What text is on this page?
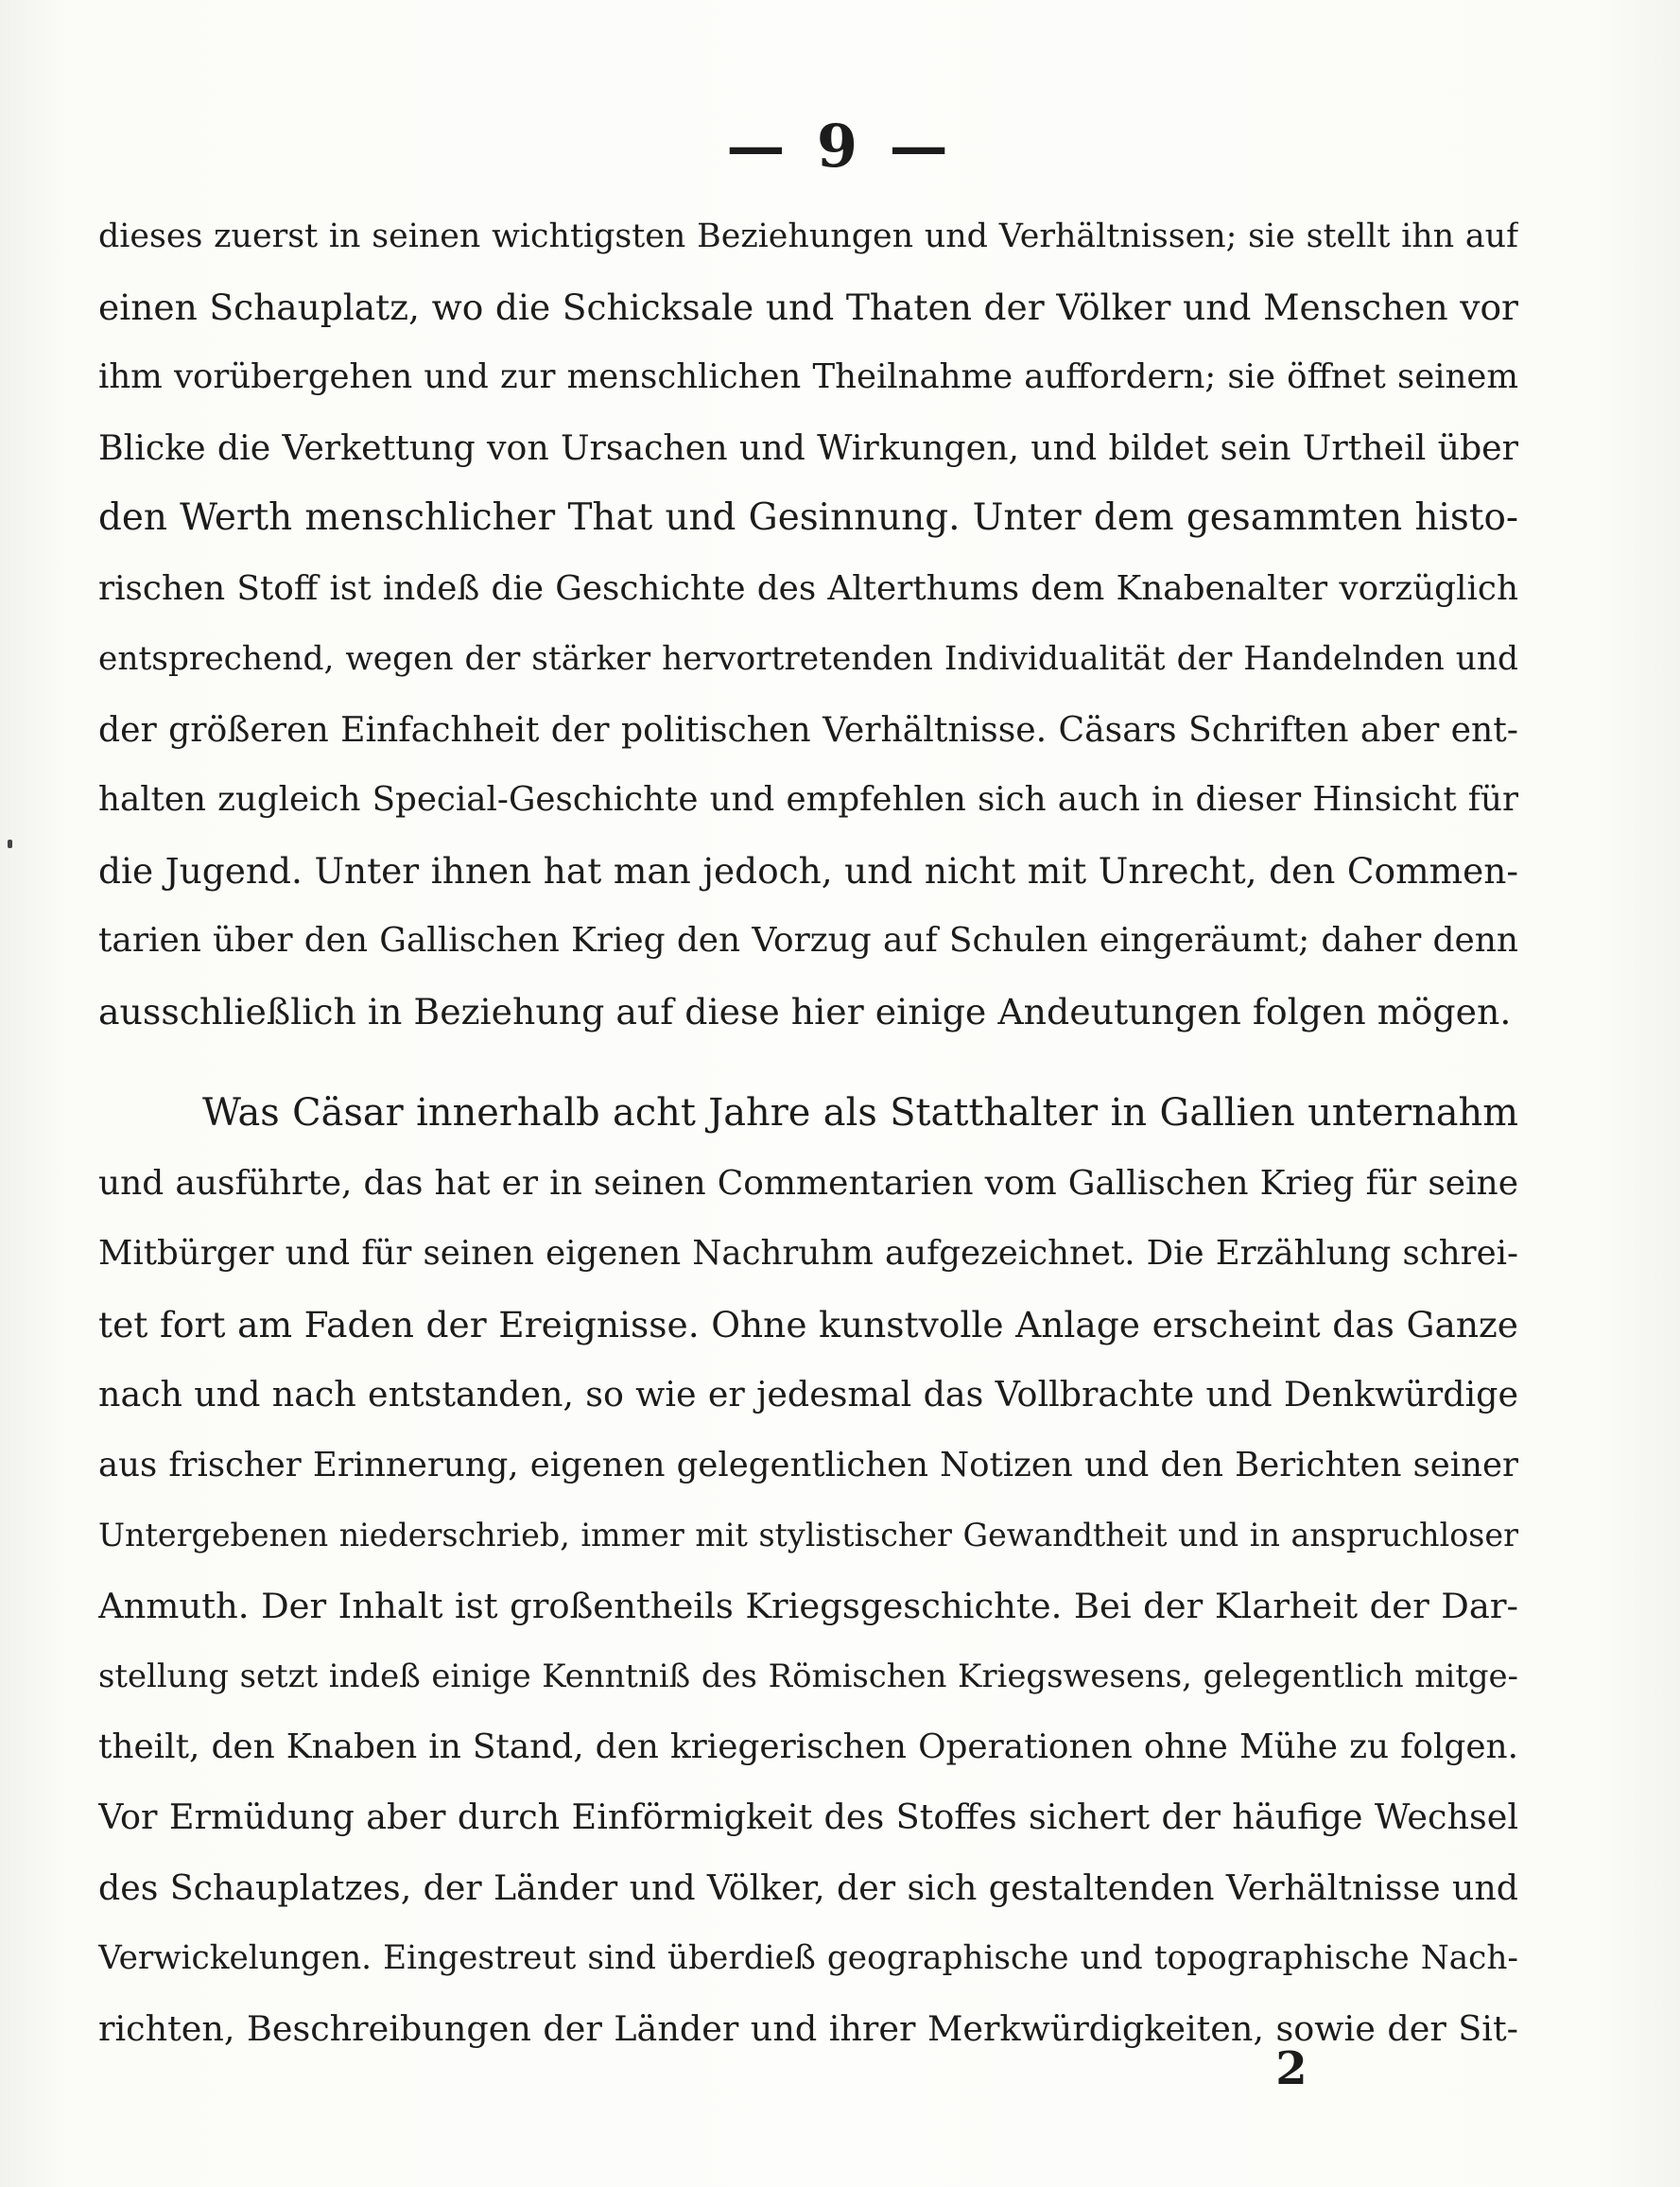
— 9 —
dieses zuerst in seinen wichtigsten Beziehungen und Verhältnissen; sie stellt ihn auf
einen Schauplatz, wo die Schicksale und Thaten der Völker und Menschen vor
ihm vorübergehen und zur menschlichen Theilnahme auffordern; sie öffnet seinem
Blicke die Verkettung von Ursachen und Wirkungen, und bildet sein Urtheil über
den Werth menschlicher That und Gesinnung. Unter dem gesammten histo-
rischen Stoff ist indeß die Geschichte des Alterthums dem Knabenalter vorzüglich
entsprechend, wegen der stärker hervortretenden Individualität der Handelnden und
der größeren Einfachheit der politischen Verhältnisse. Cäsars Schriften aber ent-
halten zugleich Special-Geschichte und empfehlen sich auch in dieser Hinsicht für
die Jugend. Unter ihnen hat man jedoch, und nicht mit Unrecht, den Commen-
tarien über den Gallischen Krieg den Vorzug auf Schulen eingeräumt; daher denn
ausschließlich in Beziehung auf diese hier einige Andeutungen folgen mögen.
Was Cäsar innerhalb acht Jahre als Statthalter in Gallien unternahm
und ausführte, das hat er in seinen Commentarien vom Gallischen Krieg für seine
Mitbürger und für seinen eigenen Nachruhm aufgezeichnet. Die Erzählung schrei-
tet fort am Faden der Ereignisse. Ohne kunstvolle Anlage erscheint das Ganze
nach und nach entstanden, so wie er jedesmal das Vollbrachte und Denkwürdige
aus frischer Erinnerung, eigenen gelegentlichen Notizen und den Berichten seiner
Untergebenen niederschrieb, immer mit stylistischer Gewandtheit und in anspruchloser
Anmuth. Der Inhalt ist großentheils Kriegsgeschichte. Bei der Klarheit der Dar-
stellung setzt indeß einige Kenntniß des Römischen Kriegswesens, gelegentlich mitge-
theilt, den Knaben in Stand, den kriegerischen Operationen ohne Mühe zu folgen.
Vor Ermüdung aber durch Einförmigkeit des Stoffes sichert der häufige Wechsel
des Schauplatzes, der Länder und Völker, der sich gestaltenden Verhältnisse und
Verwickelungen. Eingestreut sind überdieß geographische und topographische Nach-
richten, Beschreibungen der Länder und ihrer Merkwürdigkeiten, sowie der Sit-
2
